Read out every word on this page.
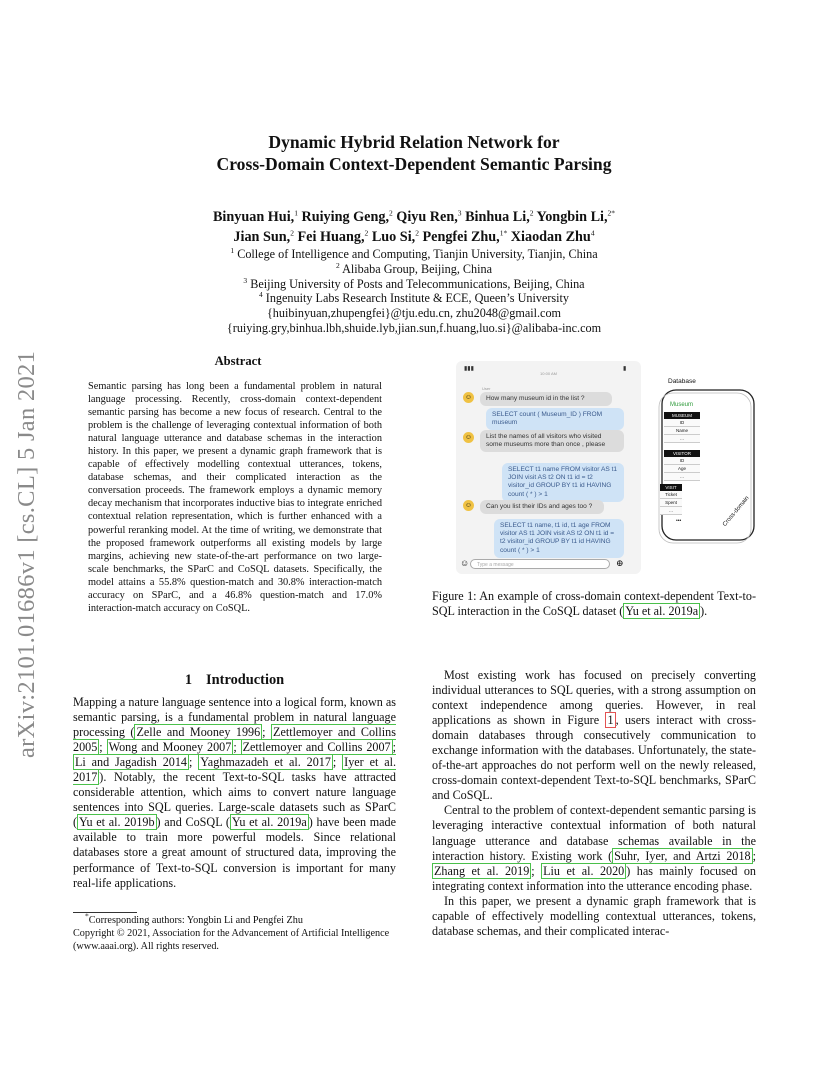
arXiv:2101.01686v1 [cs.CL] 5 Jan 2021
Dynamic Hybrid Relation Network for
Cross-Domain Context-Dependent Semantic Parsing
Binyuan Hui,$^1$ Ruiying Geng,$^2$ Qiyu Ren,$^3$ Binhua Li,$^2$ Yongbin Li,$^{2*}$
Jian Sun,$^2$ Fei Huang,$^2$ Luo Si,$^2$ Pengfei Zhu,$^{1*}$ Xiaodan Zhu$^4$
$^1$ College of Intelligence and Computing, Tianjin University, Tianjin, China
$^2$ Alibaba Group, Beijing, China
$^3$ Beijing University of Posts and Telecommunications, Beijing, China
$^4$ Ingenuity Labs Research Institute & ECE, Queen’s University
{huibinyuan,zhupengfei}@tju.edu.cn, zhu2048@gmail.com
{ruiying.gry,binhua.lbh,shuide.lyb,jian.sun,f.huang,luo.si}@alibaba-inc.com
Abstract
Semantic parsing has long been a fundamental problem in natural language processing. Recently, cross-domain context-dependent semantic parsing has become a new focus of research. Central to the problem is the challenge of leveraging contextual information of both natural language utterance and database schemas in the interaction history. In this paper, we present a dynamic graph framework that is capable of effectively modelling contextual utterances, tokens, database schemas, and their complicated interaction as the conversation proceeds. The framework employs a dynamic memory decay mechanism that incorporates inductive bias to integrate enriched contextual relation representation, which is further enhanced with a powerful reranking model. At the time of writing, we demonstrate that the proposed framework outperforms all existing models by large margins, achieving new state-of-the-art performance on two large-scale benchmarks, the SParC and CoSQL datasets. Specifically, the model attains a 55.8% question-match and 30.8% interaction-match accuracy on SParC, and a 46.8% question-match and 17.0% interaction-match accuracy on CoSQL.
1 Introduction

Mapping a nature language sentence into a logical form, known as semantic parsing, is a fundamental problem in natural language processing ( Zelle and Mooney 1996 ; Zettlemoyer and Collins 2005 ; Wong and Mooney 2007 ; Zettlemoyer and Collins 2007 ; Li and Jagadish 2014 ; Yaghmazadeh et al. 2017 ; Iyer et al. 2017 ). Notably, the recent Text-to-SQL tasks have attracted considerable attention, which aims to convert nature language sentences into SQL queries. Large-scale datasets such as SParC ( Yu et al. 2019b ) and CoSQL ( Yu et al. 2019a ) have been made available to train more powerful models. Since relational databases store a great amount of structured data, improving the performance of Text-to-SQL conversion is important for many real-life applications.

*Corresponding authors: Yongbin Li and Pengfei Zhu
Copyright © 2021, Association for the Advancement of Artificial Intelligence (www.aaai.org). All rights reserved.
▮▮▮
10:00 AM
▮
☺
User
How many museum id in the list ?
SELECT count ( Museum_ID ) FROM museum
☺	List the names of all visitors who visited some museums more than once , please
SELECT t1 name FROM visitor AS t1 JOIN visit AS t2 ON t1 id = t2 visitor_id GROUP BY t1 id HAVING count ( * ) > 1
☺	Can you list their IDs and ages too ?
SELECT t1 name, t1 id, t1 age FROM visitor AS t1 JOIN visit AS t2 ON t1 id = t2 visitor_id GROUP BY t1 id HAVING count ( * ) > 1
☺	Type a message	⊕
Database
Museum
MUSEUM
ID
Name
...
VISITOR
ID
Age
...
VISIT
Ticket
Spent
...
•••	Cross-domain
Figure 1: An example of cross-domain context-dependent Text-to-SQL interaction in the CoSQL dataset ( Yu et al. 2019a ).

Most existing work has focused on precisely converting individual utterances to SQL queries, with a strong assumption on context independence among queries. However, in real applications as shown in Figure 1 , users interact with cross-domain databases through consecutively communication to exchange information with the databases. Unfortunately, the state-of-the-art approaches do not perform well on the newly released, cross-domain context-dependent Text-to-SQL benchmarks, SParC and CoSQL.

Central to the problem of context-dependent semantic parsing is leveraging interactive contextual information of both natural language utterance and database schemas available in the interaction history. Existing work ( Suhr, Iyer, and Artzi 2018 ; Zhang et al. 2019 ; Liu et al. 2020 ) has mainly focused on integrating context information into the utterance encoding phase.

In this paper, we present a dynamic graph framework that is capable of effectively modelling contextual utterances, tokens, database schemas, and their complicated interac-
